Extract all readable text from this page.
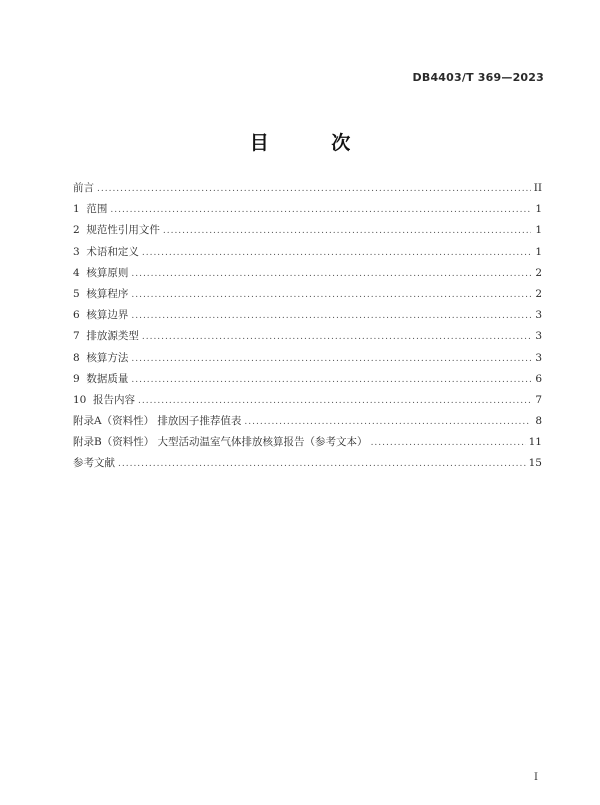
DB4403/T 369—2023
目 次
前言 .....	II
1 范围 .....	1
2 规范性引用文件 .....	1
3 术语和定义 .....	1
4 核算原则 .....	2
5 核算程序 .....	2
6 核算边界 .....	3
7 排放源类型 .....	3
8 核算方法 .....	3
9 数据质量 .....	6
10 报告内容 .....	7
附录A（资料性） 排放因子推荐值表 .....	8
附录B（资料性） 大型活动温室气体排放核算报告（参考文本） .....	11
参考文献 .....	15
I
